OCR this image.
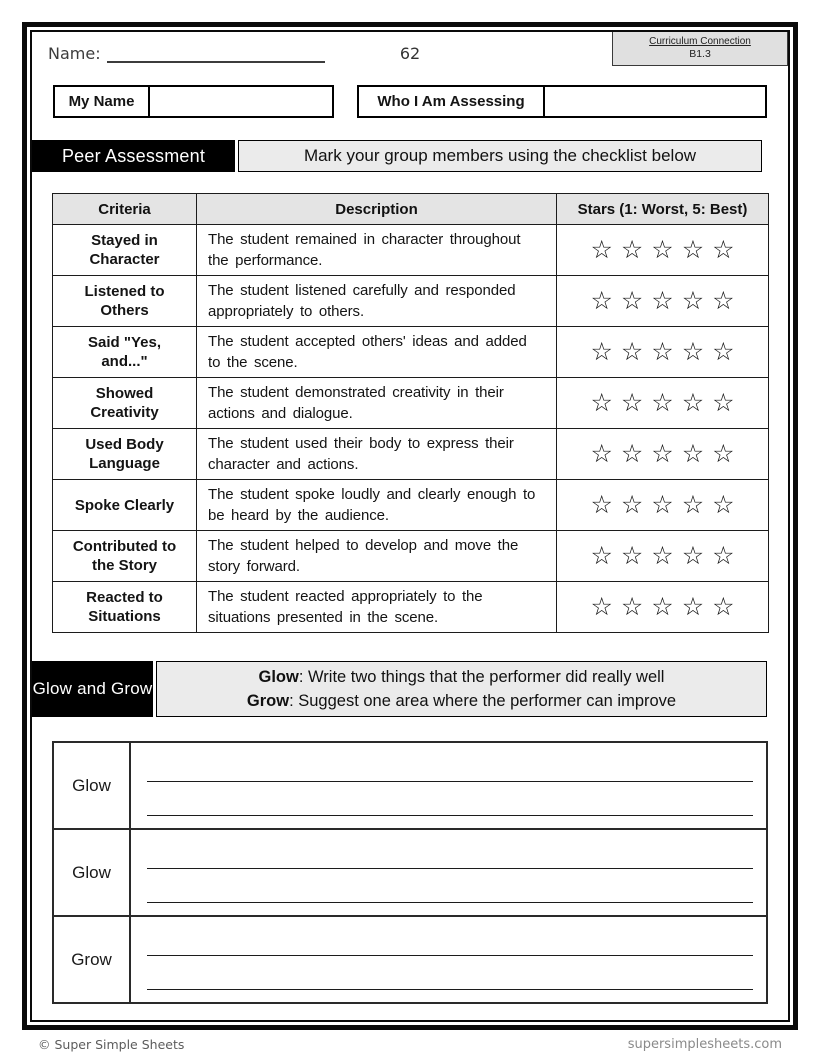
Name:	62
Curriculum Connection
B1.3
My Name	Who I Am Assessing
Peer Assessment	Mark your group members using the checklist below
Criteria	Description	Stars (1: Worst, 5: Best)
Stayed in Character	The student remained in character throughout the performance.	☆ ☆ ☆ ☆ ☆
Listened to Others	The student listened carefully and responded appropriately to others.	☆ ☆ ☆ ☆ ☆
Said "Yes, and..."	The student accepted others' ideas and added to the scene.	☆ ☆ ☆ ☆ ☆
Showed Creativity	The student demonstrated creativity in their actions and dialogue.	☆ ☆ ☆ ☆ ☆
Used Body Language	The student used their body to express their character and actions.	☆ ☆ ☆ ☆ ☆
Spoke Clearly	The student spoke loudly and clearly enough to be heard by the audience.	☆ ☆ ☆ ☆ ☆
Contributed to the Story	The student helped to develop and move the story forward.	☆ ☆ ☆ ☆ ☆
Reacted to Situations	The student reacted appropriately to the situations presented in the scene.	☆ ☆ ☆ ☆ ☆
Glow and Grow
Glow: Write two things that the performer did really well
Grow: Suggest one area where the performer can improve
Glow	

Glow	

Grow	
© Super Simple Sheets	supersimplesheets.com
